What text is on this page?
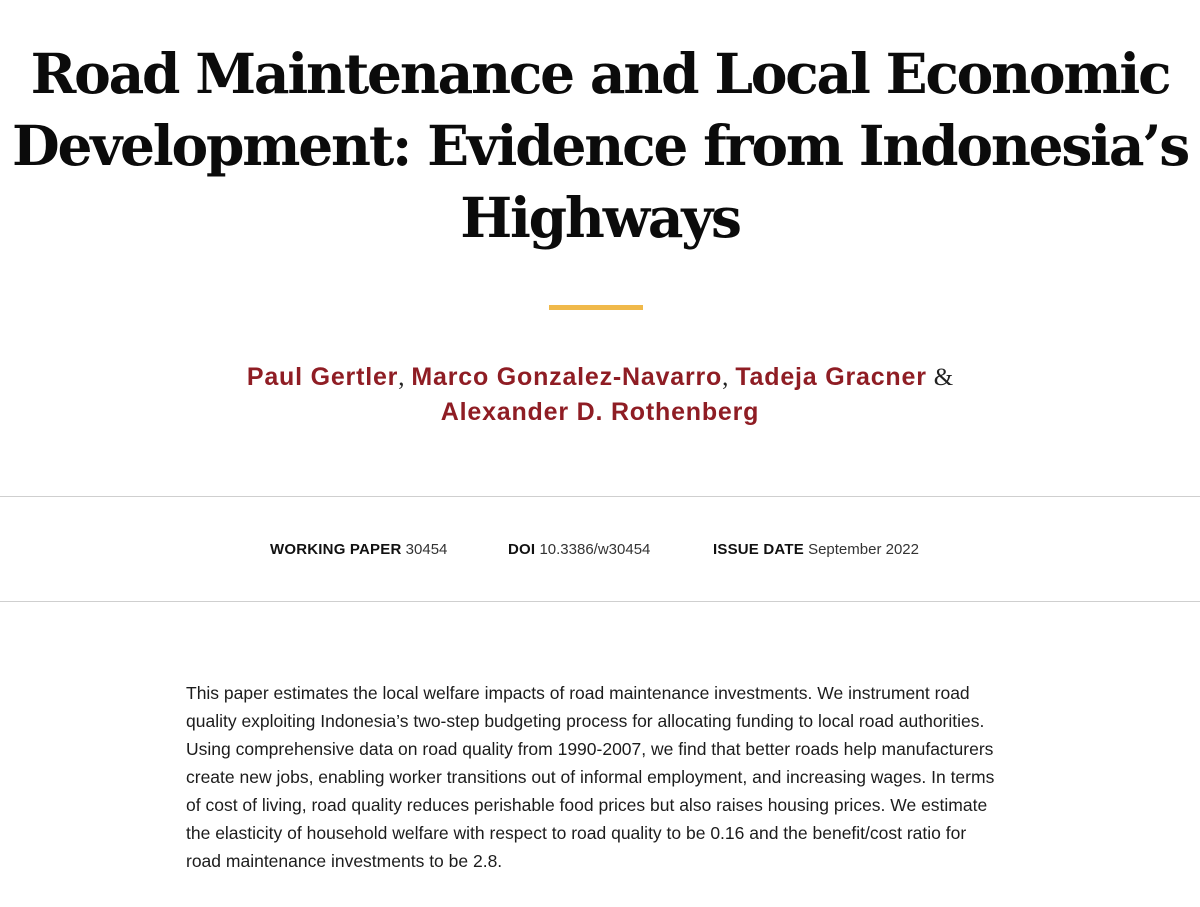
Road Maintenance and Local Economic
Development: Evidence from Indonesia’s
Highways
Paul Gertler, Marco Gonzalez-Navarro, Tadeja Gracner &
Alexander D. Rothenberg
WORKING PAPER 30454	DOI 10.3386/w30454	ISSUE DATE September 2022

This paper estimates the local welfare impacts of road maintenance investments. We instrument road quality exploiting Indonesia’s two-step budgeting process for allocating funding to local road authorities. Using comprehensive data on road quality from 1990-2007, we find that better roads help manufacturers create new jobs, enabling worker transitions out of informal employment, and increasing wages. In terms of cost of living, road quality reduces perishable food prices but also raises housing prices. We estimate the elasticity of household welfare with respect to road quality to be 0.16 and the benefit/cost ratio for road maintenance investments to be 2.8.
